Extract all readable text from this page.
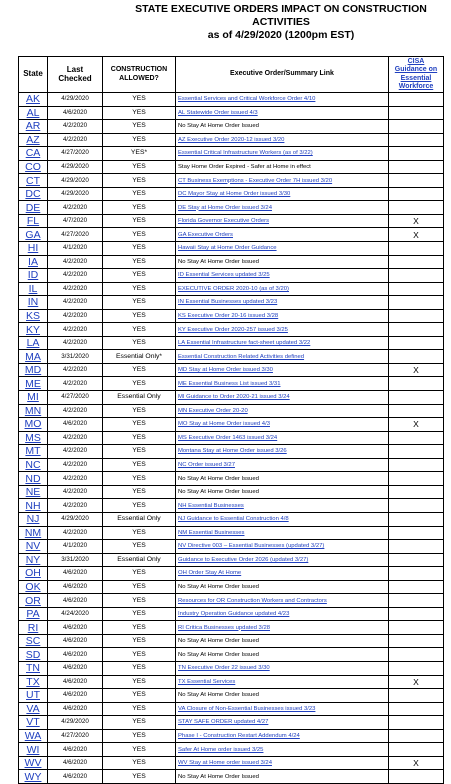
STATE EXECUTIVE ORDERS IMPACT ON CONSTRUCTION ACTIVITIES
as of 4/29/2020 (1200pm EST)
State	Last Checked	CONSTRUCTION ALLOWED?	Executive Order/Summary Link	CISA Guidance on Essential Workforce
AK	4/29/2020	YES	Essential Services and Critical Workforce Order 4/10	
AL	4/6/2020	YES	AL Statewide Order issued 4/3	
AR	4/2/2020	YES	No Stay At Home Order Issued	
AZ	4/2/2020	YES	AZ Executive Order 2020-12 issued 3/20	
CA	4/27/2020	YES*	Essential Critical Infrastructure Workers (as of 3/22)	
CO	4/29/2020	YES	Stay Home Order Expired - Safer at Home in effect	
CT	4/29/2020	YES	CT Business Exemptions - Executive Order 7H issued 3/20	
DC	4/29/2020	YES	DC Mayor Stay at Home Order issued 3/30	
DE	4/2/2020	YES	DE Stay at Home Order issued 3/24	
FL	4/7/2020	YES	Florida Governor Executive Orders	X
GA	4/27/2020	YES	GA Executive Orders	X
HI	4/1/2020	YES	Hawaii Stay at Home Order Guidance	
IA	4/2/2020	YES	No Stay At Home Order Issued	
ID	4/2/2020	YES	ID Essential Services updated 3/25	
IL	4/2/2020	YES	EXECUTIVE ORDER 2020-10 (as of 3/20)	
IN	4/2/2020	YES	IN Essential Businesses updated 3/23	
KS	4/2/2020	YES	KS Executive Order 20-16 issued 3/28	
KY	4/2/2020	YES	KY Executive Order 2020-257 issued 3/25	
LA	4/2/2020	YES	LA Essential Infrastructure fact-sheet updated 3/22	
MA	3/31/2020	Essential Only*	Essential Construction Related Activities defined	
MD	4/2/2020	YES	MD Stay at Home Order issued 3/30	X
ME	4/2/2020	YES	ME Essential Business List issued 3/31	
MI	4/27/2020	Essential Only	MI Guidance to Order 2020-21 issued 3/24	
MN	4/2/2020	YES	MN Executive Order 20-20	
MO	4/6/2020	YES	MO Stay at Home Order issued 4/3	X
MS	4/2/2020	YES	MS Executive Order 1463 issued 3/24	
MT	4/2/2020	YES	Montana Stay at Home Order issued 3/26	
NC	4/2/2020	YES	NC Order issued 3/27	
ND	4/2/2020	YES	No Stay At Home Order Issued	
NE	4/2/2020	YES	No Stay At Home Order Issued	
NH	4/2/2020	YES	NH Essential Businesses	
NJ	4/29/2020	Essential Only	NJ Guidance to Essential Construction 4/8	
NM	4/2/2020	YES	NM Essential Businesses	
NV	4/1/2020	YES	NV Directive 003 – Essential Businesses (updated 3/27)	
NY	3/31/2020	Essential Only	Guidance to Executive Order 2026 (updated 3/27)	
OH	4/6/2020	YES	OH Order Stay At Home	
OK	4/6/2020	YES	No Stay At Home Order Issued	
OR	4/6/2020	YES	Resources for OR Construction Workers and Contractors	
PA	4/24/2020	YES	Industry Operation Guidance updated 4/23	
RI	4/6/2020	YES	RI Critica Businesses updated 3/28	
SC	4/6/2020	YES	No Stay At Home Order Issued	
SD	4/6/2020	YES	No Stay At Home Order Issued	
TN	4/6/2020	YES	TN Executive Order 22 issued 3/30	
TX	4/6/2020	YES	TX Essential Services	X
UT	4/6/2020	YES	No Stay At Home Order Issued	
VA	4/6/2020	YES	VA Closure of Non-Essential Businesses issued 3/23	
VT	4/29/2020	YES	STAY SAFE ORDER updated 4/27	
WA	4/27/2020	YES	Phase I - Construction Restart Addendum 4/24	
WI	4/6/2020	YES	Safer At Home order issued 3/25	
WV	4/6/2020	YES	WV Stay at Home order issued 3/24	X
WY	4/6/2020	YES	No Stay At Home Order Issued	
